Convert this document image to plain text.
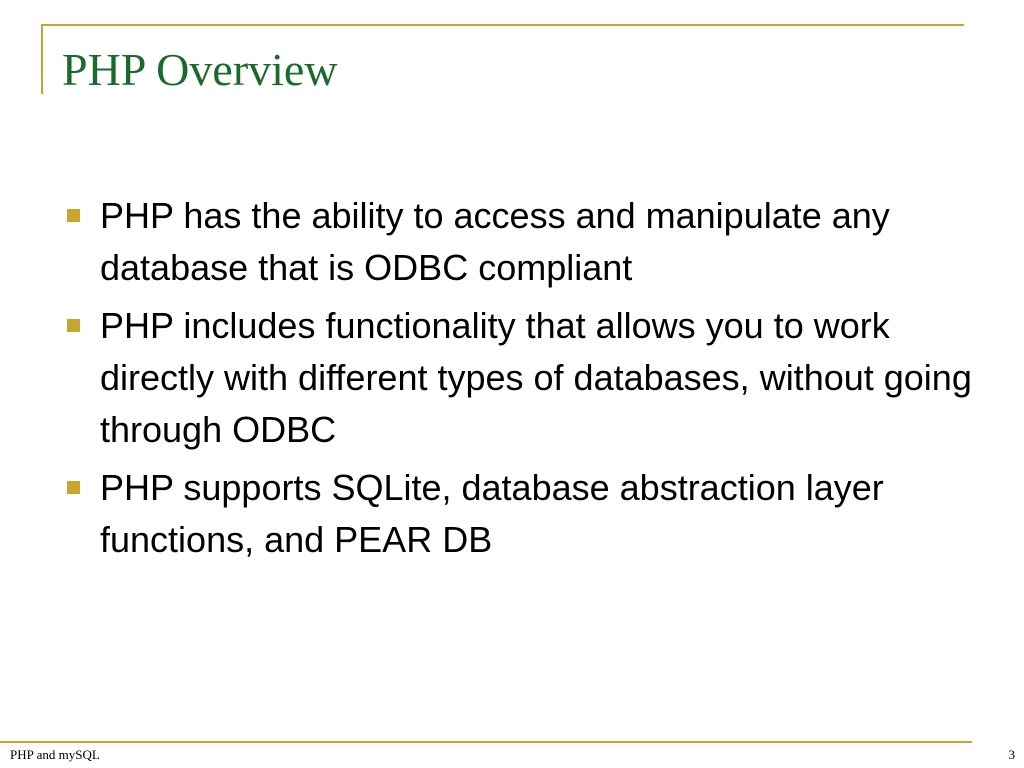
PHP Overview
PHP has the ability to access and manipulate any database that is ODBC compliant
PHP includes functionality that allows you to work directly with different types of databases, without going through ODBC
PHP supports SQLite, database abstraction layer functions, and PEAR DB
PHP and mySQL	3
